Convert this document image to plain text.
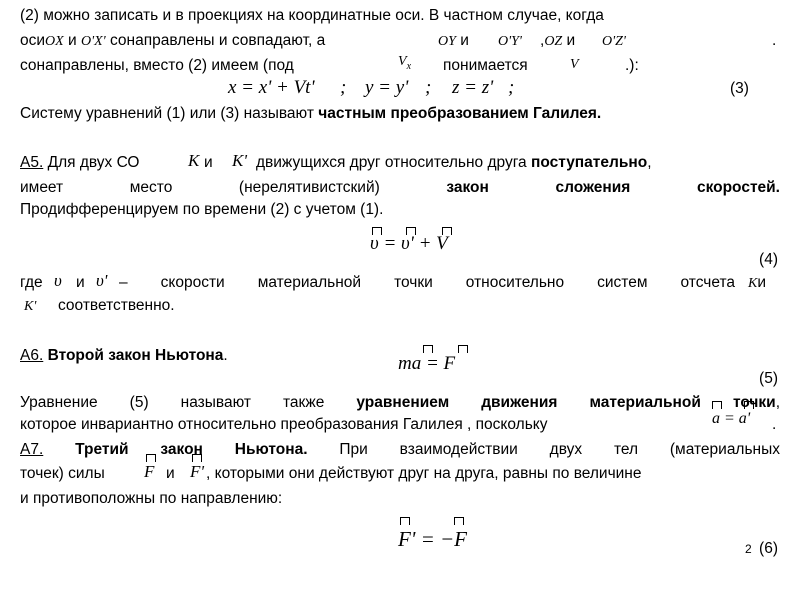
(2) можно записать и в проекциях на координатные оси. В частном случае, когда
осиOX и O'X' сонаправлены и совпадают, а	OY и O'Y' ,OZ и O'Z'	.
сонаправлены, вместо (2) имеем (под	$V_x$ понимается	V	.):
x = x' + Vt' ; y = y' ; z = z' ;	(3)
Систему уравнений (1) или (3) называют частным преобразованием Галилея.
А5. Для двух СО	K и K' движущихся друг относительно друга поступательно,
имеет место (нерелятивистский)	закон сложения скоростей.
Продифференцируем по времени (2) с учетом (1).
υ = υ' + V
(4)
где υ и υ' – скорости материальной точки относительно систем отсчета Kи
K' соответственно.
А6. Второй закон Ньютона.	ma = F
(5)
Уравнение (5) называют также уравнением движения материальной точки,
которое инвариантно относительно преобразования Галилея , поскольку	a = a' .
А7. Третий закон Ньютона. При взаимодействии двух тел (материальных
точек) силы F и F' , которыми они действуют друг на друга, равны по величине
и противоположны по направлению:
F' = −F	2 (6)
